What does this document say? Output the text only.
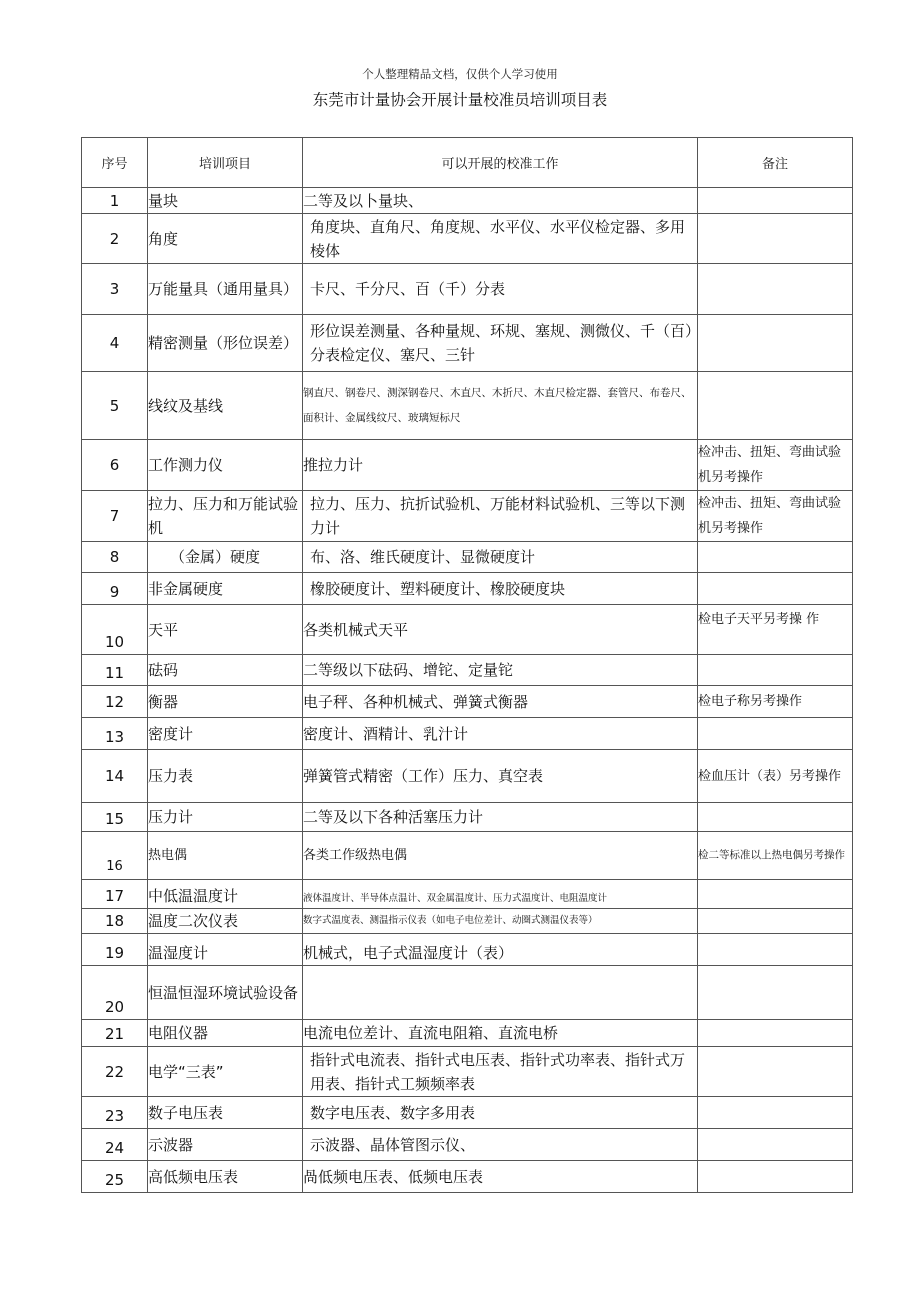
个人整理精品文档，仅供个人学习使用
东莞市计量协会开展计量校准员培训项目表
序号	培训项目	可以开展的校准工作	备注
1	量块	二等及以卜量块、	
2	角度	角度块、直角尺、角度规、水平仪、水平仪检定器、多用棱体	
3	万能量具（通用量具）	卡尺、千分尺、百（千）分表	
4	精密测量（形位误差）	形位误差测量、各种量规、环规、塞规、测微仪、千（百）分表检定仪、塞尺、三针	
5	线纹及基线	钢直尺、钢卷尺、测深钢卷尺、木直尺、木折尺、木直尺检定器、套管尺、布卷尺、面积计、金属线纹尺、玻璃短标尺	
6	工作测力仪	推拉力计	检冲击、扭矩、弯曲试验机另考操作
7	拉力、压力和万能试验机	拉力、压力、抗折试验机、万能材料试验机、三等以下测力计	检冲击、扭矩、弯曲试验机另考操作
8	（金属）硬度	布、洛、维氏硬度计、显微硬度计	
9	非金属硬度	橡胶硬度计、塑料硬度计、橡胶硬度块	
10	天平	各类机械式天平	检电子天平另考操 作
11	砝码	二等级以下砝码、增铊、定量铊	
12	衡器	电子秤、各种机械式、弹簧式衡器	检电子称另考操作
13	密度计	密度计、酒精计、乳汁计	
14	压力表	弹簧管式精密（工作）压力、真空表	检血压计（表）另考操作
15	压力计	二等及以下各种活塞压力计	
16	热电偶	各类工作级热电偶	检二等标准以上热电偶另考操作
17	中低温温度计	液体温度计、半导体点温计、双金属温度计、压力式温度计、电阻温度计	
18	温度二次仪表	数字式温度表、测温指示仪表（如电子电位差计、动圈式测温仪表等）	
19	温湿度计	机械式，电子式温湿度计（表）	
20	恒温恒湿环境试验设备		
21	电阻仪器	电流电位差计、直流电阻箱、直流电桥	
22	电学“三表”	指针式电流表、指针式电压表、指针式功率表、指针式万用表、指针式工频频率表	
23	数子电压表	数字电压表、数字多用表	
24	示波器	示波器、晶体管图示仪、	
25	高低频电压表	咼低频电压表、低频电压表	
